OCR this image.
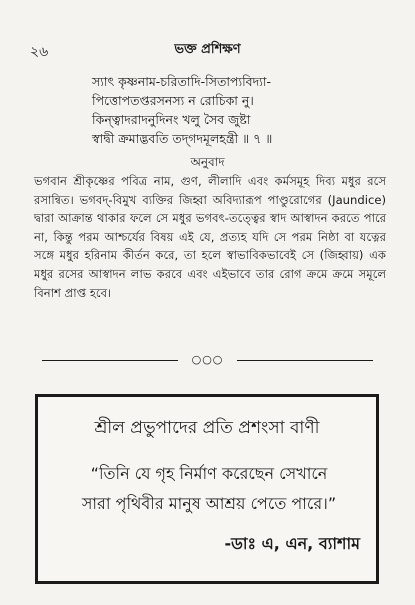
২৬	ভক্ত প্রশিক্ষণ
স্যাৎ কৃষ্ণনাম-চরিতাদি-সিতাপ্যবিদ্যা-
পিত্তোপতপ্তরসনস্য ন রোচিকা নু।
কিন্ত্বাদরাদনুদিনং খলু সৈব জুষ্টা
স্বাদ্বী ক্রমাদ্ভবতি তদ্‌গদমূলহন্ত্রী ॥ ৭ ॥
অনুবাদ
ভগবান শ্রীকৃষ্ণের পবিত্র নাম, গুণ, লীলাদি এবং কর্মসমূহ দিব্য মধুর রসে রসান্বিত। ভগবদ্‌-বিমুখ ব্যক্তির জিহ্বা অবিদ্যারূপ পাণ্ডুরোগের (Jaundice) দ্বারা আক্রান্ত থাকার ফলে সে মধুর ভগবৎ-তত্ত্বের স্বাদ আস্বাদন করতে পারে না, কিন্তু পরম আশ্চর্যের বিষয় এই যে, প্রত্যহ যদি সে পরম নিষ্ঠা বা যত্নের সঙ্গে মধুর হরিনাম কীর্তন করে, তা হলে স্বাভাবিকভাবেই সে (জিহ্বায়) এক মধুর রসের আস্বাদন লাভ করবে এবং এইভাবে তার রোগ ক্রমে ক্রমে সমূলে বিনাশ প্রাপ্ত হবে।
○○○
শ্রীল প্রভুপাদের প্রতি প্রশংসা বাণী
“তিনি যে গৃহ নির্মাণ করেছেন সেখানে
সারা পৃথিবীর মানুষ আশ্রয় পেতে পারে।”
-ডাঃ এ, এন, ব্যাশাম
